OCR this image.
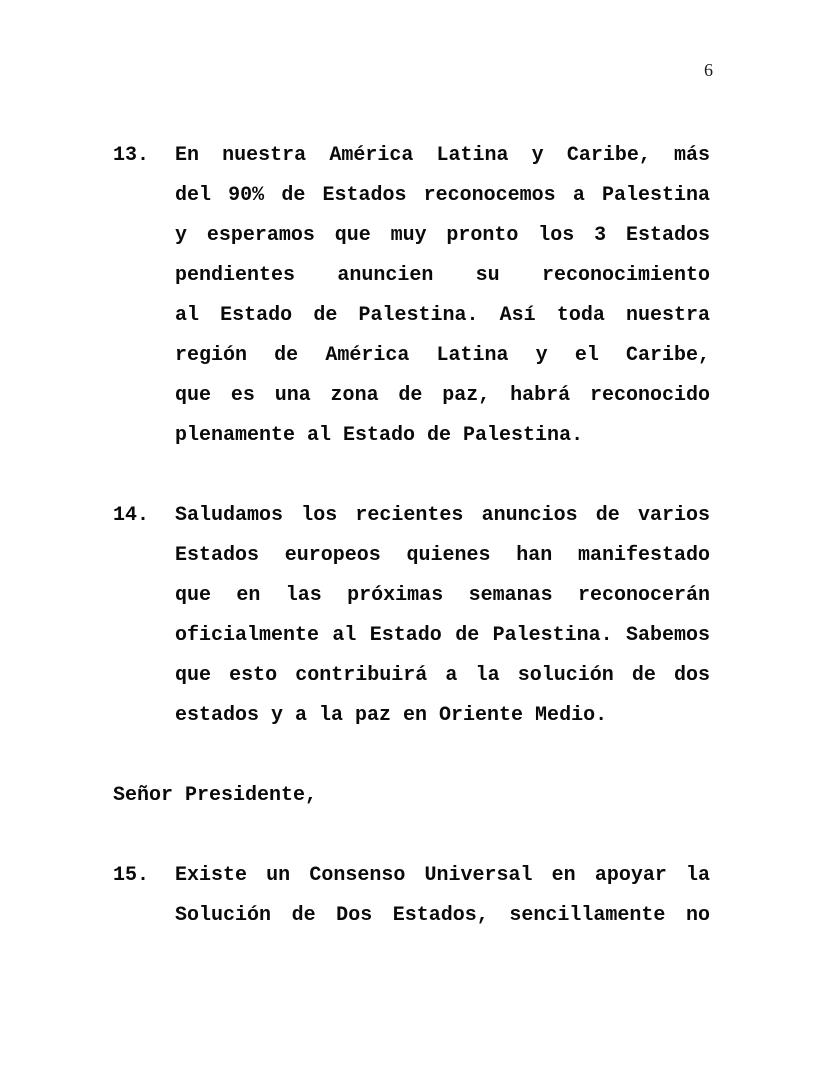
6
13.	En nuestra América Latina y Caribe, más
del 90% de Estados reconocemos a Palestina
y esperamos que muy pronto los 3 Estados
pendientes anuncien su reconocimiento
al Estado de Palestina. Así toda nuestra
región de América Latina y el Caribe,
que es una zona de paz, habrá reconocido
plenamente al Estado de Palestina.
14.	Saludamos los recientes anuncios de varios
Estados europeos quienes han manifestado
que en las próximas semanas reconocerán
oficialmente al Estado de Palestina. Sabemos
que esto contribuirá a la solución de dos
estados y a la paz en Oriente Medio.
Señor Presidente,
15.	Existe un Consenso Universal en apoyar la
Solución de Dos Estados, sencillamente no
